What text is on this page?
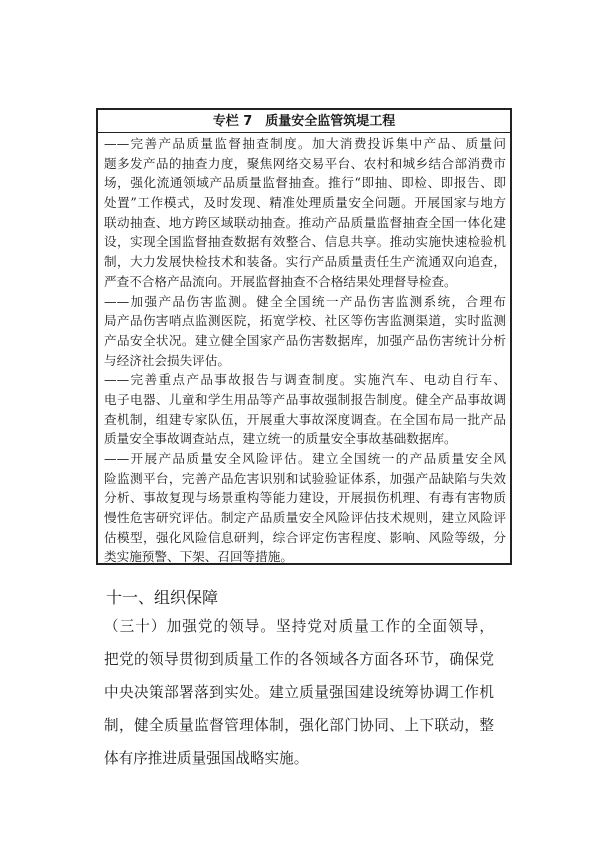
专栏 7　质量安全监管筑堤工程
——完善产品质量监督抽查制度。加大消费投诉集中产品、质量问
题多发产品的抽查力度，聚焦网络交易平台、农村和城乡结合部消费市
场，强化流通领域产品质量监督抽查。推行“即抽、即检、即报告、即
处置”工作模式，及时发现、精准处理质量安全问题。开展国家与地方
联动抽查、地方跨区域联动抽查。推动产品质量监督抽查全国一体化建
设，实现全国监督抽查数据有效整合、信息共享。推动实施快速检验机
制，大力发展快检技术和装备。实行产品质量责任生产流通双向追查，
严查不合格产品流向。开展监督抽查不合格结果处理督导检查。
——加强产品伤害监测。健全全国统一产品伤害监测系统，合理布
局产品伤害哨点监测医院，拓宽学校、社区等伤害监测渠道，实时监测
产品安全状况。建立健全国家产品伤害数据库，加强产品伤害统计分析
与经济社会损失评估。
——完善重点产品事故报告与调查制度。实施汽车、电动自行车、
电子电器、儿童和学生用品等产品事故强制报告制度。健全产品事故调
查机制，组建专家队伍，开展重大事故深度调查。在全国布局一批产品
质量安全事故调查站点，建立统一的质量安全事故基础数据库。
——开展产品质量安全风险评估。建立全国统一的产品质量安全风
险监测平台，完善产品危害识别和试验验证体系，加强产品缺陷与失效
分析、事故复现与场景重构等能力建设，开展损伤机理、有毒有害物质
慢性危害研究评估。制定产品质量安全风险评估技术规则，建立风险评
估模型，强化风险信息研判，综合评定伤害程度、影响、风险等级，分
类实施预警、下架、召回等措施。
十一、组织保障
（三十）加强党的领导。坚持党对质量工作的全面领导，
把党的领导贯彻到质量工作的各领域各方面各环节，确保党
中央决策部署落到实处。建立质量强国建设统筹协调工作机
制，健全质量监督管理体制，强化部门协同、上下联动，整
体有序推进质量强国战略实施。
